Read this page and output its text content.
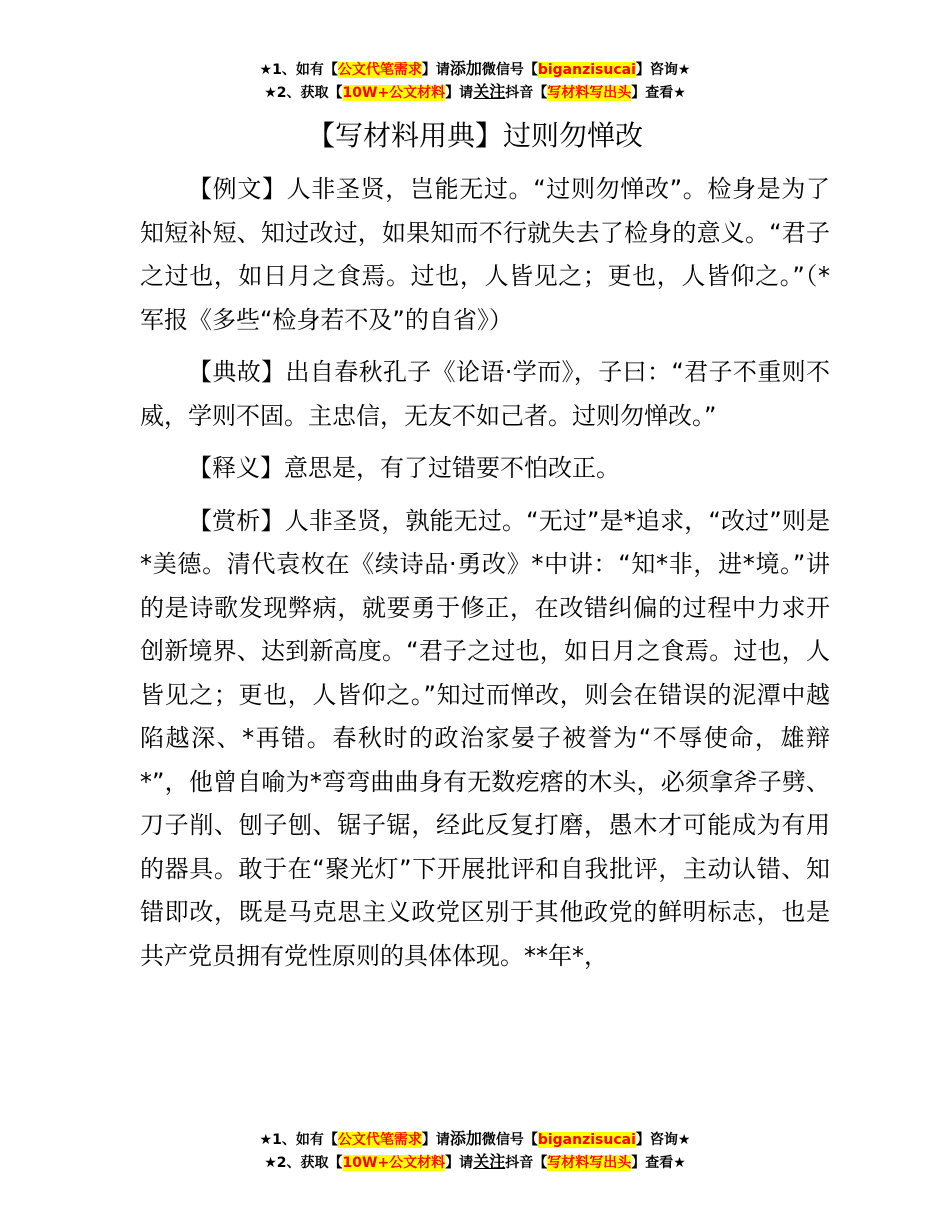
★1、如有【公文代笔需求】请添加微信号【biganzisucai】咨询★
★2、获取【10W+公文材料】请关注抖音【写材料写出头】查看★
【写材料用典】过则勿惮改

【例文】人非圣贤，岂能无过。“过则勿惮改”。检身是为了知短补短、知过改过，如果知而不行就失去了检身的意义。“君子之过也，如日月之食焉。过也，人皆见之；更也，人皆仰之。”（*军报《多些“检身若不及”的自省》）

【典故】出自春秋孔子《论语·学而》，子曰：“君子不重则不威，学则不固。主忠信，无友不如己者。过则勿惮改。”

【释义】意思是，有了过错要不怕改正。

【赏析】人非圣贤，孰能无过。“无过”是*追求，“改过”则是*美德。清代袁枚在《续诗品·勇改》*中讲：“知*非，进*境。”讲的是诗歌发现弊病，就要勇于修正，在改错纠偏的过程中力求开创新境界、达到新高度。“君子之过也，如日月之食焉。过也，人皆见之；更也，人皆仰之。”知过而惮改，则会在错误的泥潭中越陷越深、*再错。春秋时的政治家晏子被誉为“不辱使命，雄辩*”，他曾自喻为*弯弯曲曲身有无数疙瘩的木头，必须拿斧子劈、刀子削、刨子刨、锯子锯，经此反复打磨，愚木才可能成为有用的器具。敢于在“聚光灯”下开展批评和自我批评，主动认错、知错即改，既是马克思主义政党区别于其他政党的鲜明标志，也是共产党员拥有党性原则的具体体现。**年*，

★1、如有【公文代笔需求】请添加微信号【biganzisucai】咨询★
★2、获取【10W+公文材料】请关注抖音【写材料写出头】查看★
